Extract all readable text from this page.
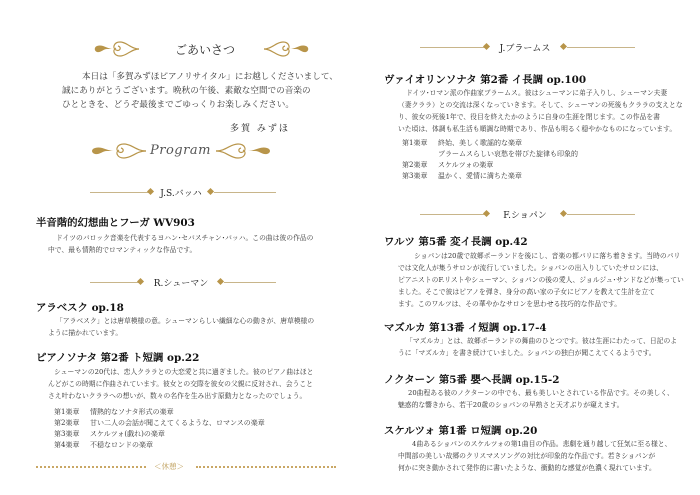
ごあいさつ
本日は「多賀みずほピアノリサイタル」にお越しくださいまして、
誠にありがとうございます。晩秋の午後、素敵な空間での音楽の
ひとときを、どうぞ最後までごゆっくりお楽しみください。
多賀 みずほ
Program
J.S.バッハ
半音階的幻想曲とフーガ WV903
ドイツのバロック音楽を代表するヨハン･セバスチャン･バッハ。この曲は彼の作品の
中で、最も情熱的でロマンティックな作品です。
R.シューマン
アラベスク op.18
「アラベスク」とは唐草模様の意。シューマンらしい繊細な心の動きが、唐草模様の
ように描かれています。
ピアノソナタ 第2番 ト短調 op.22
シューマンの20代は、恋人クララとの大恋愛と共に過ぎました。彼のピアノ曲はほと
んどがこの時期に作曲されています。彼女との交際を彼女の父親に反対され、会うこと
さえ叶わないクララへの想いが、数々の名作を生み出す原動力となったのでしょう。
第1楽章 情熱的なソナタ形式の楽章
第2楽章 甘い二人の会話が聞こえてくるような、ロマンスの楽章
第3楽章 スケルツォ(戯れ)の楽章
第4楽章 不穏なロンドの楽章
＜休憩＞
J.ブラームス
ヴァイオリンソナタ 第2番 イ長調 op.100
ドイツ･ロマン派の作曲家ブラームス。彼はシューマンに弟子入りし、シューマン夫妻
（妻クララ）との交流は深くなっていきます。そして、シューマンの死後もクララの支えとな
り、彼女の死後1年で、役目を終えたかのように自身の生涯を閉じます。この作品を書
いた頃は、体調も私生活も順調な時期であり、作品も明るく穏やかなものになっています。
第1楽章 終始、美しく歌謡的な楽章
ブラームスらしい哀愁を帯びた旋律も印象的
第2楽章 スケルツォの楽章
第3楽章 温かく、愛情に満ちた楽章
F.ショパン
ワルツ 第5番 変イ長調 op.42
ショパンは20歳で故郷ポーランドを後にし、音楽の都パリに落ち着きます。当時のパリ
では文化人が集うサロンが流行していました。ショパンの出入りしていたサロンには、
ピアニストのF.リストやシューマン、ショパンの後の愛人、ジョルジュ･サンドなどが集ってい
ました。そこで彼はピアノを弾き、身分の高い家の子女にピアノを教えて生計を立て
ます。このワルツは、その華やかなサロンを思わせる技巧的な作品です。
マズルカ 第13番 イ短調 op.17-4
「マズルカ」とは、故郷ポーランドの舞曲のひとつです。彼は生涯にわたって、日記のよ
うに「マズルカ」を書き続けていました。ショパンの独白が聞こえてくるようです。
ノクターン 第5番 嬰ヘ長調 op.15-2
20曲程ある彼のノクターンの中でも、最も美しいとされている作品です。その美しく、
魅惑的な響きから、若干20歳のショパンの早熟さと天才ぶりが窺えます。
スケルツォ 第1番 ロ短調 op.20
4曲あるショパンのスケルツォの第1曲目の作品。悲劇を通り越して狂気に至る様と、
中間部の美しい故郷のクリスマスソングの対比が印象的な作品です。若きショパンが
何かに突き動かされて発作的に書いたような、衝動的な感覚が色濃く現れています。
